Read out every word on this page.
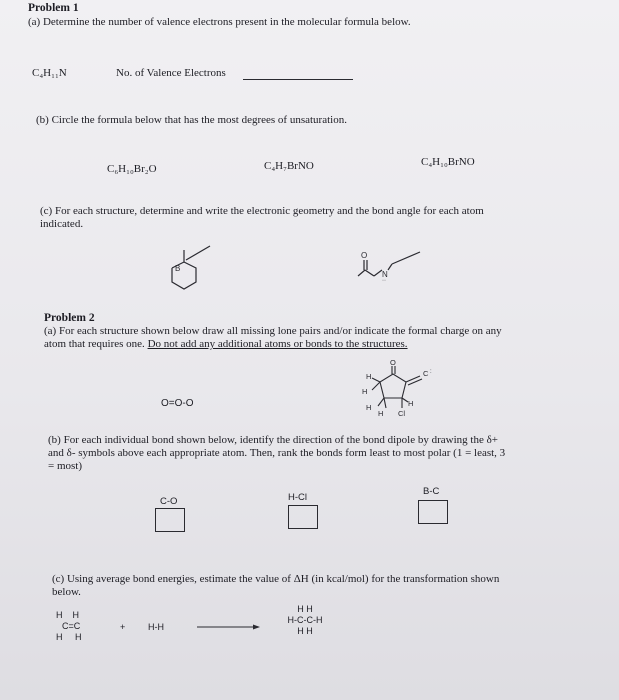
Problem 1
(a) Determine the number of valence electrons present in the molecular formula below.
C₄H₁₁N	No. of Valence Electrons
(b) Circle the formula below that has the most degrees of unsaturation.
C₆H₁₀Br₂O	C₄H₇BrNO	C₄H₁₀BrNO
(c) For each structure, determine and write the electronic geometry and the bond angle for each atom
indicated.
B
O
N
··
Problem 2
(a) For each structure shown below draw all missing lone pairs and/or indicate the formal charge on any
atom that requires one. Do not add any additional atoms or bonds to the structures.
O=O-O
O
C :
H
H
H
H
H
Cl
(b) For each individual bond shown below, identify the direction of the bond dipole by drawing the δ+
and δ- symbols above each appropriate atom. Then, rank the bonds form least to most polar (1 = least, 3
= most)
C-O	H-Cl
B-C
(c) Using average bond energies, estimate the value of ΔH (in kcal/mol) for the transformation shown
below.
H    H
C=C
H     H
+	H-H
H H
H-C-C-H
H H
